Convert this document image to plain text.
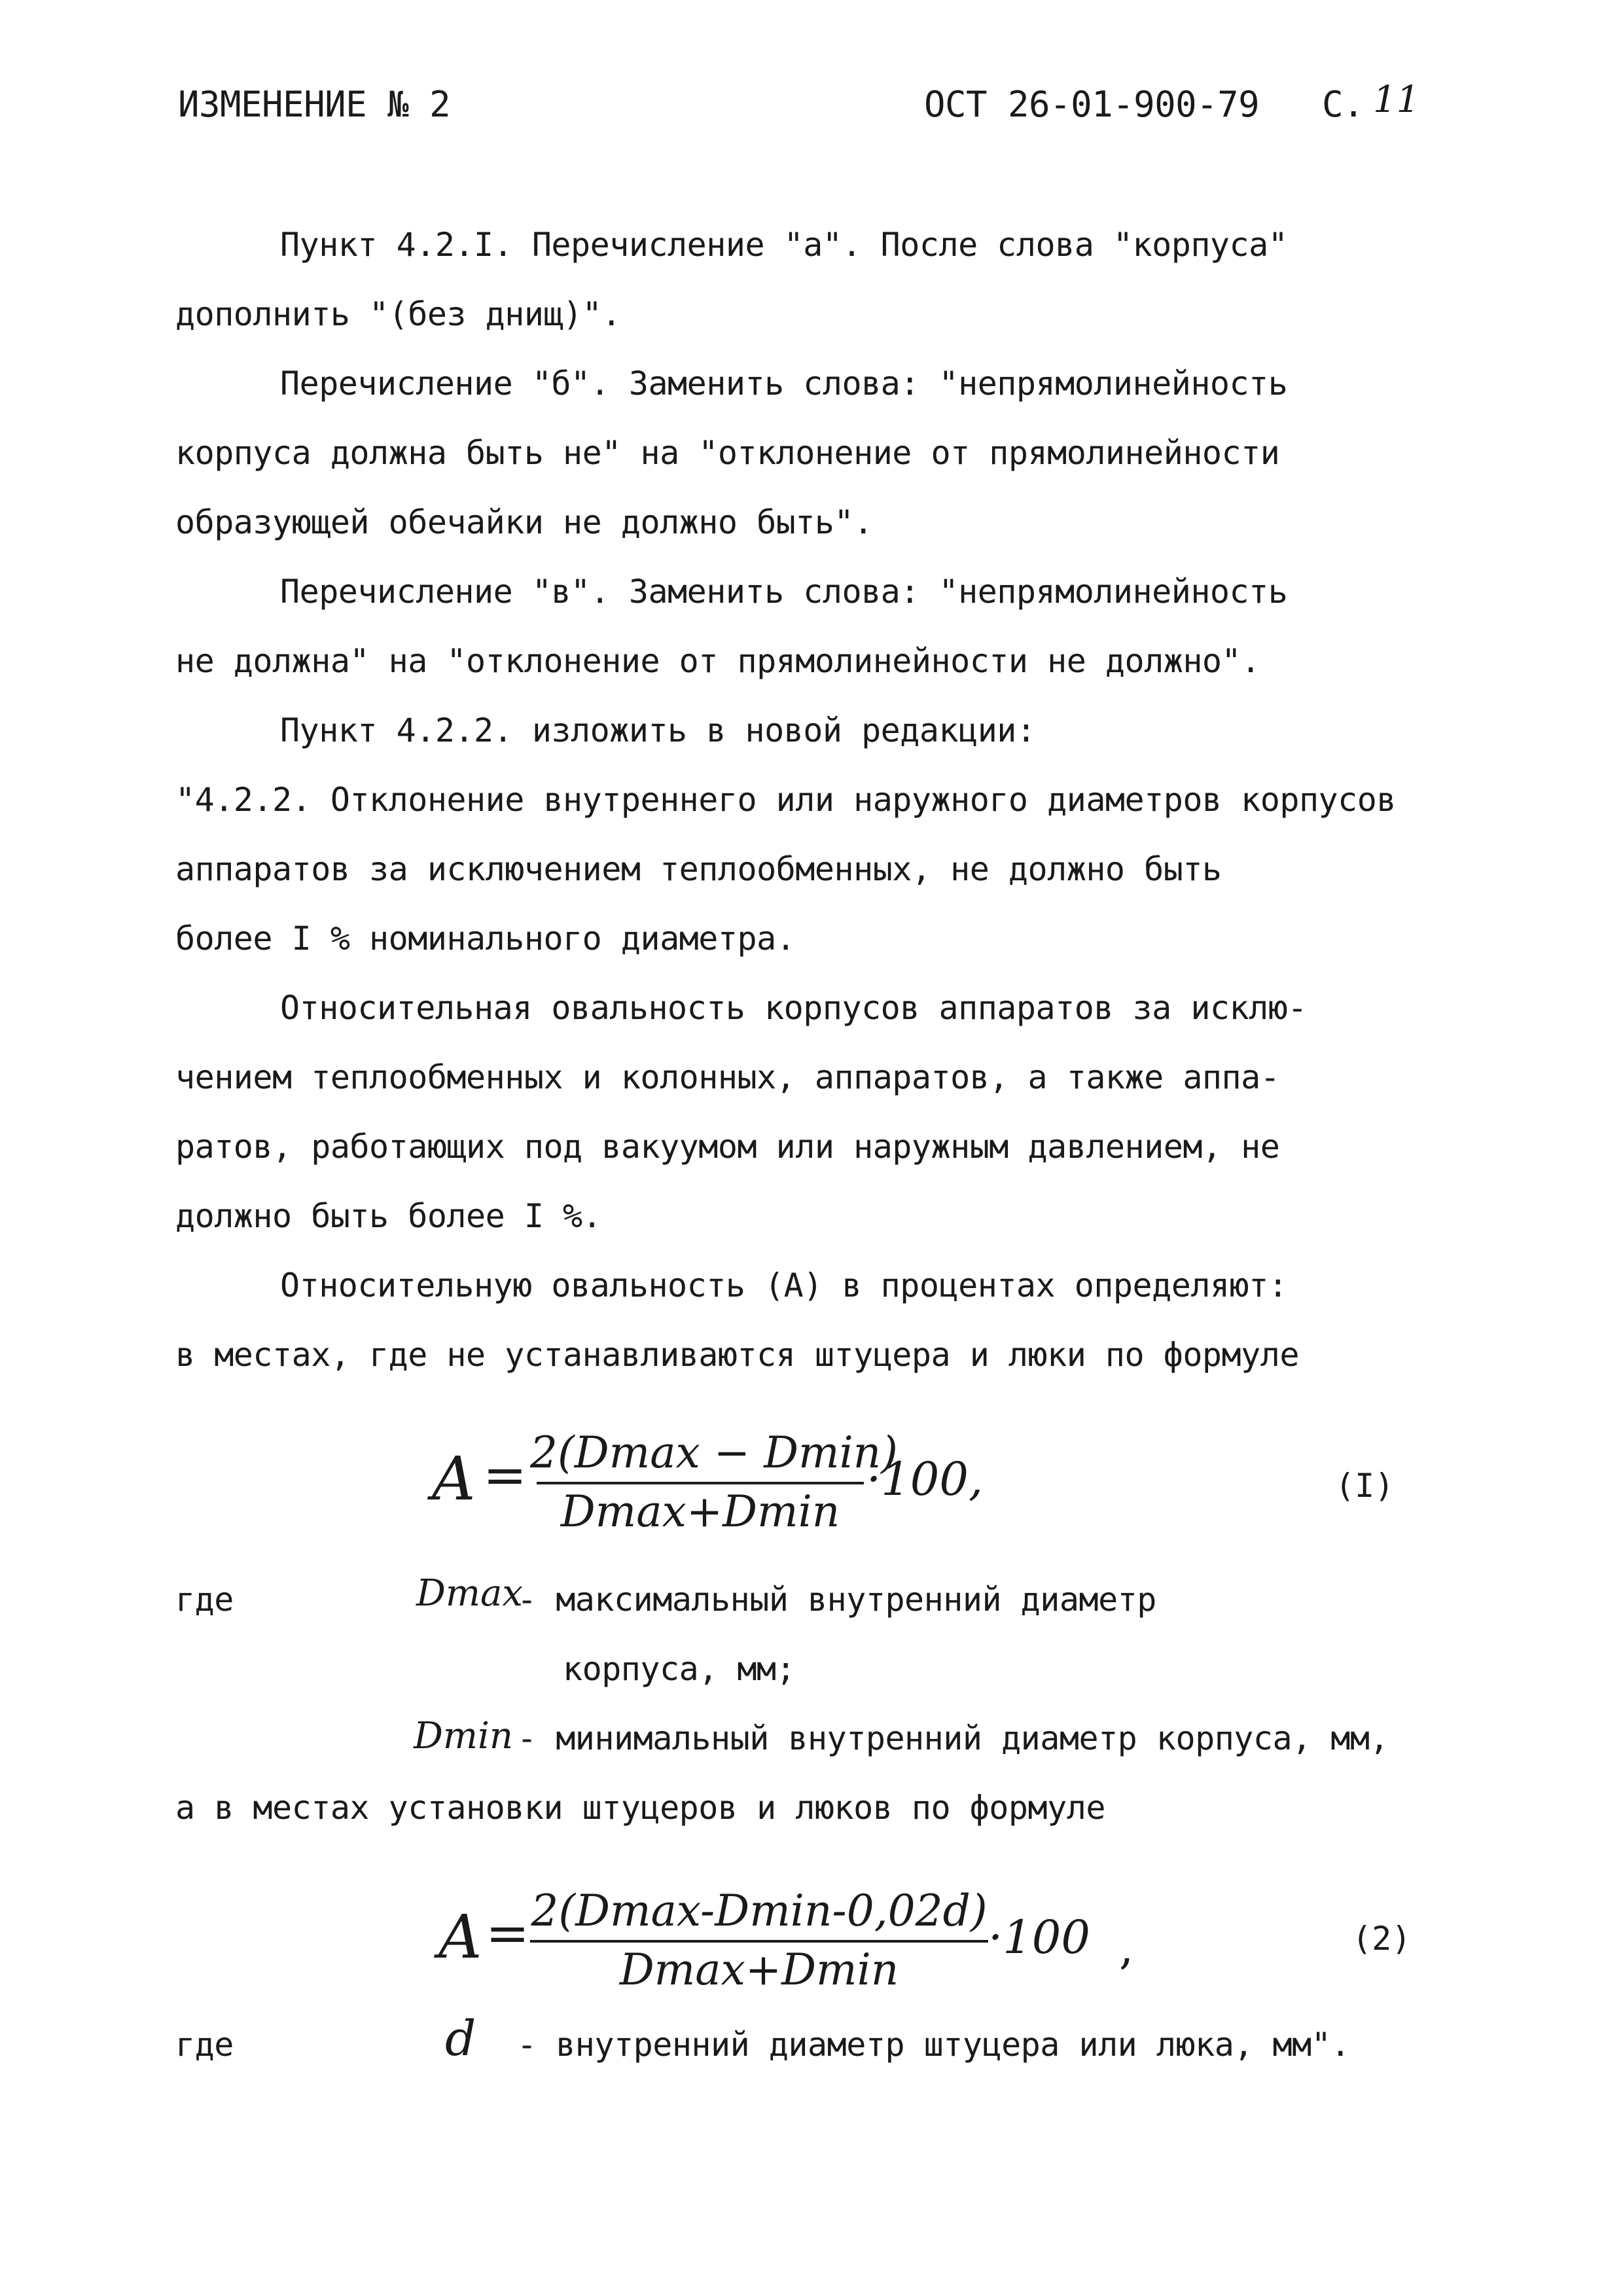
ИЗМЕНЕНИЕ № 2	ОСТ 26-01-900-79 С. 11
Пункт 4.2.I. Перечисление "а". После слова "корпуса"
дополнить "(без днищ)".
Перечисление "б". Заменить слова: "непрямолинейность
корпуса должна быть не" на "отклонение от прямолинейности
образующей обечайки не должно быть".
Перечисление "в". Заменить слова: "непрямолинейность
не должна" на "отклонение от прямолинейности не должно".
Пункт 4.2.2. изложить в новой редакции:
"4.2.2. Отклонение внутреннего или наружного диаметров корпусов
аппаратов за исключением теплообменных, не должно быть
более I % номинального диаметра.
Относительная овальность корпусов аппаратов за исклю-
чением теплообменных и колонных, аппаратов, а также аппа-
ратов, работающих под вакуумом или наружным давлением, не
должно быть более I %.
Относительную овальность (А) в процентах определяют:
в местах, где не устанавливаются штуцера и люки по формуле
A = 2(Dmax − Dmin)
Dmax+Dmin
·100,	(I)
где	Dmax
- максимальный внутренний диаметр
корпуса, мм;
Dmin - минимальный внутренний диаметр корпуса, мм,
а в местах установки штуцеров и люков по формуле
A = 2(Dmax-Dmin-0,02d)
Dmax+Dmin
·100 ,	(2)
где	d - внутренний диаметр штуцера или люка, мм".
